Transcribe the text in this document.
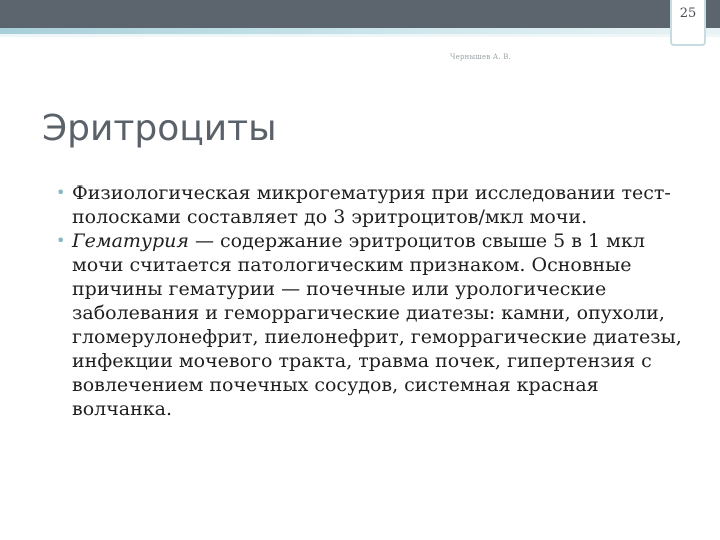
25
Чернышев А. В.
Эритроциты
• Физиологическая микрогематурия при исследовании тест-полосками составляет до 3 эритроцитов/мкл мочи.
• Гематурия — содержание эритроцитов свыше 5 в 1 мкл мочи считается патологическим признаком. Основные причины гематурии — почечные или урологические заболевания и геморрагические диатезы: камни, опухоли, гломерулонефрит, пиелонефрит, геморрагические диатезы, инфекции мочевого тракта, травма почек, гипертензия с вовлечением почечных сосудов, системная красная волчанка.
